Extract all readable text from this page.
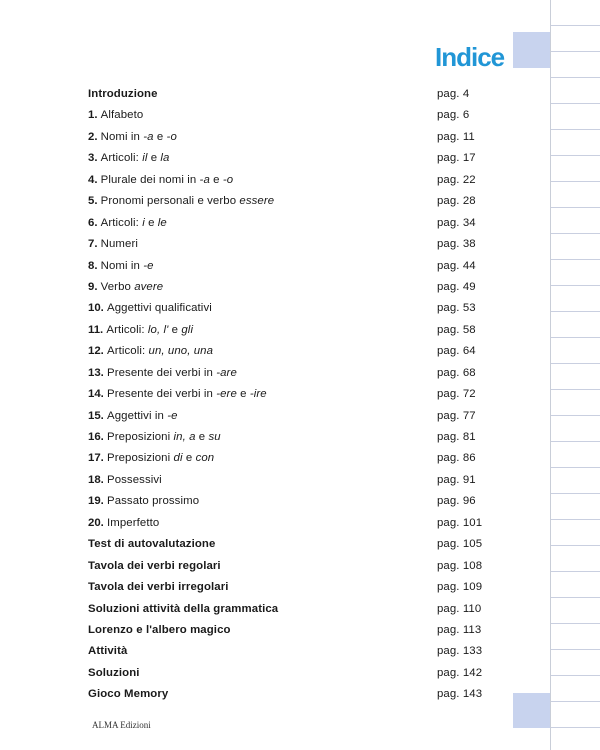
Indice
Introduzione	pag. 4
1. Alfabeto	pag. 6
2. Nomi in -a e -o	pag. 11
3. Articoli: il e la	pag. 17
4. Plurale dei nomi in -a e -o	pag. 22
5. Pronomi personali e verbo essere	pag. 28
6. Articoli: i e le	pag. 34
7. Numeri	pag. 38
8. Nomi in -e	pag. 44
9. Verbo avere	pag. 49
10. Aggettivi qualificativi	pag. 53
11. Articoli: lo, l' e gli	pag. 58
12. Articoli: un, uno, una	pag. 64
13. Presente dei verbi in -are	pag. 68
14. Presente dei verbi in -ere e -ire	pag. 72
15. Aggettivi in -e	pag. 77
16. Preposizioni in, a e su	pag. 81
17. Preposizioni di e con	pag. 86
18. Possessivi	pag. 91
19. Passato prossimo	pag. 96
20. Imperfetto	pag. 101
Test di autovalutazione	pag. 105
Tavola dei verbi regolari	pag. 108
Tavola dei verbi irregolari	pag. 109
Soluzioni attività della grammatica	pag. 110
Lorenzo e l'albero magico	pag. 113
Attività	pag. 133
Soluzioni	pag. 142
Gioco Memory	pag. 143
ALMA Edizioni
